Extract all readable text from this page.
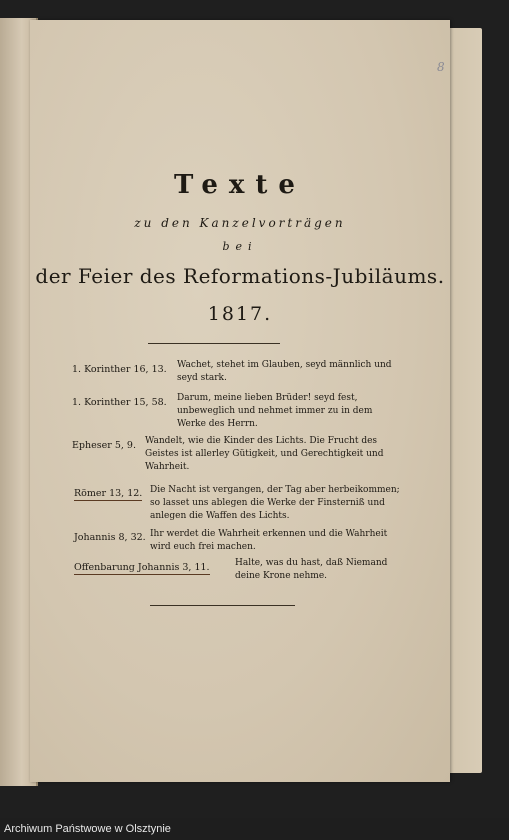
8
Texte
zu den Kanzelvorträgen
bei
der Feier des Reformations-Jubiläums.
1817.
1. Korinther 16, 13. Wachet, stehet im Glauben, seyd männlich und seyd stark.
1. Korinther 15, 58. Darum, meine lieben Brüder! seyd fest, unbeweglich und nehmet immer zu in dem Werke des Herrn.
Epheser 5, 9. Wandelt, wie die Kinder des Lichts. Die Frucht des Geistes ist allerley Gütigkeit, und Gerechtigkeit und Wahrheit.
Römer 13, 12. Die Nacht ist vergangen, der Tag aber herbeikommen; so lasset uns ablegen die Werke der Finsterniß und anlegen die Waffen des Lichts.
Johannis 8, 32. Ihr werdet die Wahrheit erkennen und die Wahrheit wird euch frei machen.
Offenbarung Johannis 3, 11.	Halte, was du hast, daß Niemand deine Krone nehme.
Archiwum Państwowe w Olsztynie
